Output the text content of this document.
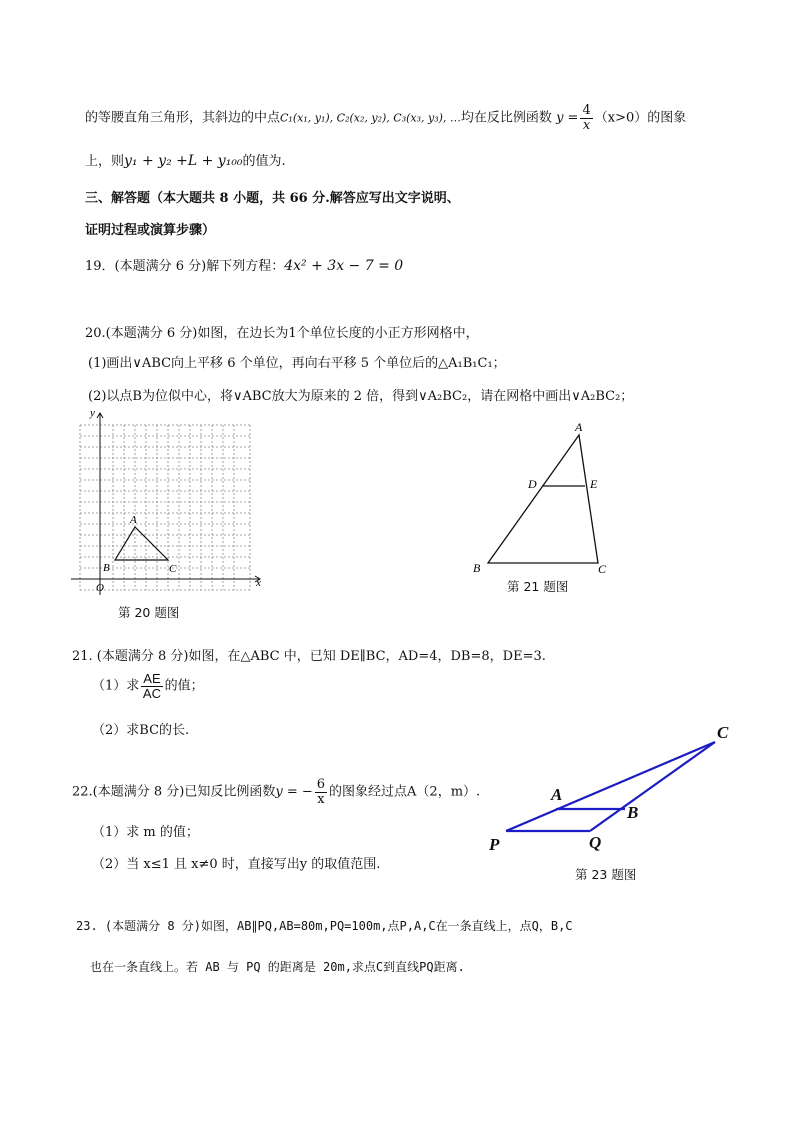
的等腰直角三角形，其斜边的中点C₁(x₁, y₁), C₂(x₂, y₂), C₃(x₃, y₃), …均在反比例函数 $y = \frac{4}{x} (x>0)$的图象
上，则y₁ + y₂ +L + y₁₀₀的值为.
三、解答题（本大题共 8 小题，共 66 分.解答应写出文字说明、
证明过程或演算步骤）
19．(本题满分 6 分)解下列方程：4x² + 3x − 7 = 0
20.(本题满分 6 分)如图，在边长为1个单位长度的小正方形网格中，
(1)画出∨ABC向上平移 6 个单位，再向右平移 5 个单位后的△A₁B₁C₁；
(2)以点B为位似中心，将∨ABC放大为原来的 2 倍，得到∨A₂BC₂，请在网格中画出∨A₂BC₂；
y
x
O
A
B	C
第 20 题图
A
D	E
B	C
第 21 题图
21. (本题满分 8 分)如图，在△ABC 中，已知 DE∥BC，AD=4，DB=8，DE=3.
（1）求 $\frac{AE}{AC}$ 的值；
（2）求BC的长.
22.(本题满分 8 分)已知反比例函数y = − $\frac{6}{x}$ 的图象经过点A（2，m）.
（1）求 m 的值；
（2）当 x≤1 且 x≠0 时，直接写出y 的取值范围.
C
A
B
P	Q
第 23 题图
23. (本题满分 8 分)如图，AB∥PQ,AB=80m,PQ=100m,点P,A,C在一条直线上，点Q，B,C
也在一条直线上。若 AB 与 PQ 的距离是 20m,求点C到直线PQ距离.
